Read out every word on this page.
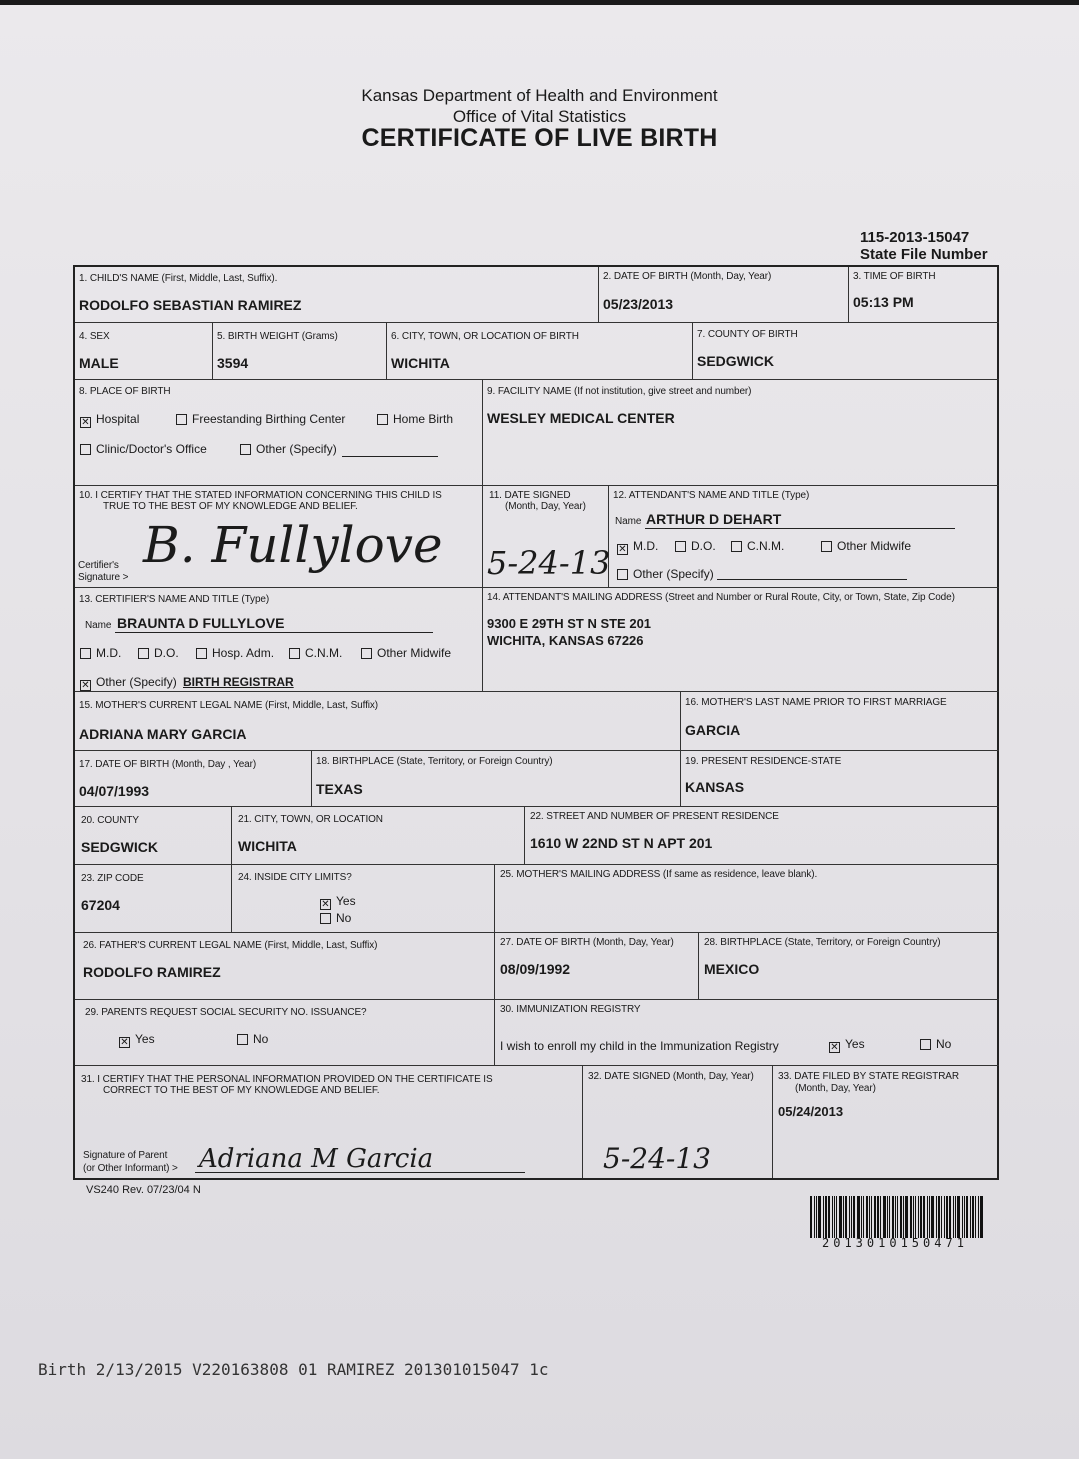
Kansas Department of Health and Environment
Office of Vital Statistics
CERTIFICATE OF LIVE BIRTH
115-2013-15047
State File Number
1. CHILD'S NAME (First, Middle, Last, Suffix).
RODOLFO SEBASTIAN RAMIREZ
2. DATE OF BIRTH (Month, Day, Year)
05/23/2013
3. TIME OF BIRTH
05:13 PM
4. SEX
MALE
5. BIRTH WEIGHT (Grams)
3594
6. CITY, TOWN, OR LOCATION OF BIRTH
WICHITA
7. COUNTY OF BIRTH
SEDGWICK
8. PLACE OF BIRTH
✕ Hospital	Freestanding Birthing Center	Home Birth
Clinic/Doctor's Office	Other (Specify)
9. FACILITY NAME (If not institution, give street and number)
WESLEY MEDICAL CENTER
10. I CERTIFY THAT THE STATED INFORMATION CONCERNING THIS CHILD IS
TRUE TO THE BEST OF MY KNOWLEDGE AND BELIEF.
Certifier's
Signature >
B. Fullylove
11. DATE SIGNED
(Month, Day, Year)
5-24-13
12. ATTENDANT'S NAME AND TITLE (Type)
Name ARTHUR D DEHART
✕ M.D.	D.O.	C.N.M.	Other Midwife
Other (Specify)
13. CERTIFIER'S NAME AND TITLE (Type)
Name BRAUNTA D FULLYLOVE
M.D.	D.O.	Hosp. Adm.	C.N.M.	Other Midwife
✕ Other (Specify) BIRTH REGISTRAR
14. ATTENDANT'S MAILING ADDRESS (Street and Number or Rural Route, City, or Town, State, Zip Code)
9300 E 29TH ST N STE 201
WICHITA, KANSAS 67226
15. MOTHER'S CURRENT LEGAL NAME (First, Middle, Last, Suffix)
ADRIANA MARY GARCIA
16. MOTHER'S LAST NAME PRIOR TO FIRST MARRIAGE
GARCIA
17. DATE OF BIRTH (Month, Day , Year)
04/07/1993
18. BIRTHPLACE (State, Territory, or Foreign Country)
TEXAS
19. PRESENT RESIDENCE-STATE
KANSAS
20. COUNTY
SEDGWICK
21. CITY, TOWN, OR LOCATION
WICHITA
22. STREET AND NUMBER OF PRESENT RESIDENCE
1610 W 22ND ST N APT 201
23. ZIP CODE
67204
24. INSIDE CITY LIMITS?
✕ Yes
No
25. MOTHER'S MAILING ADDRESS (If same as residence, leave blank).
26. FATHER'S CURRENT LEGAL NAME (First, Middle, Last, Suffix)
RODOLFO RAMIREZ
27. DATE OF BIRTH (Month, Day, Year)
08/09/1992
28. BIRTHPLACE (State, Territory, or Foreign Country)
MEXICO
29. PARENTS REQUEST SOCIAL SECURITY NO. ISSUANCE?
✕ Yes	No
30. IMMUNIZATION REGISTRY
I wish to enroll my child in the Immunization Registry	✕ Yes	No
31. I CERTIFY THAT THE PERSONAL INFORMATION PROVIDED ON THE CERTIFICATE IS
CORRECT TO THE BEST OF MY KNOWLEDGE AND BELIEF.
Signature of Parent
(or Other Informant) > Adriana M Garcia
32. DATE SIGNED (Month, Day, Year)
5-24-13
33. DATE FILED BY STATE REGISTRAR
(Month, Day, Year)
05/24/2013
VS240 Rev. 07/23/04 N
2013010150471
Birth 2/13/2015 V220163808 01 RAMIREZ 201301015047 1c
